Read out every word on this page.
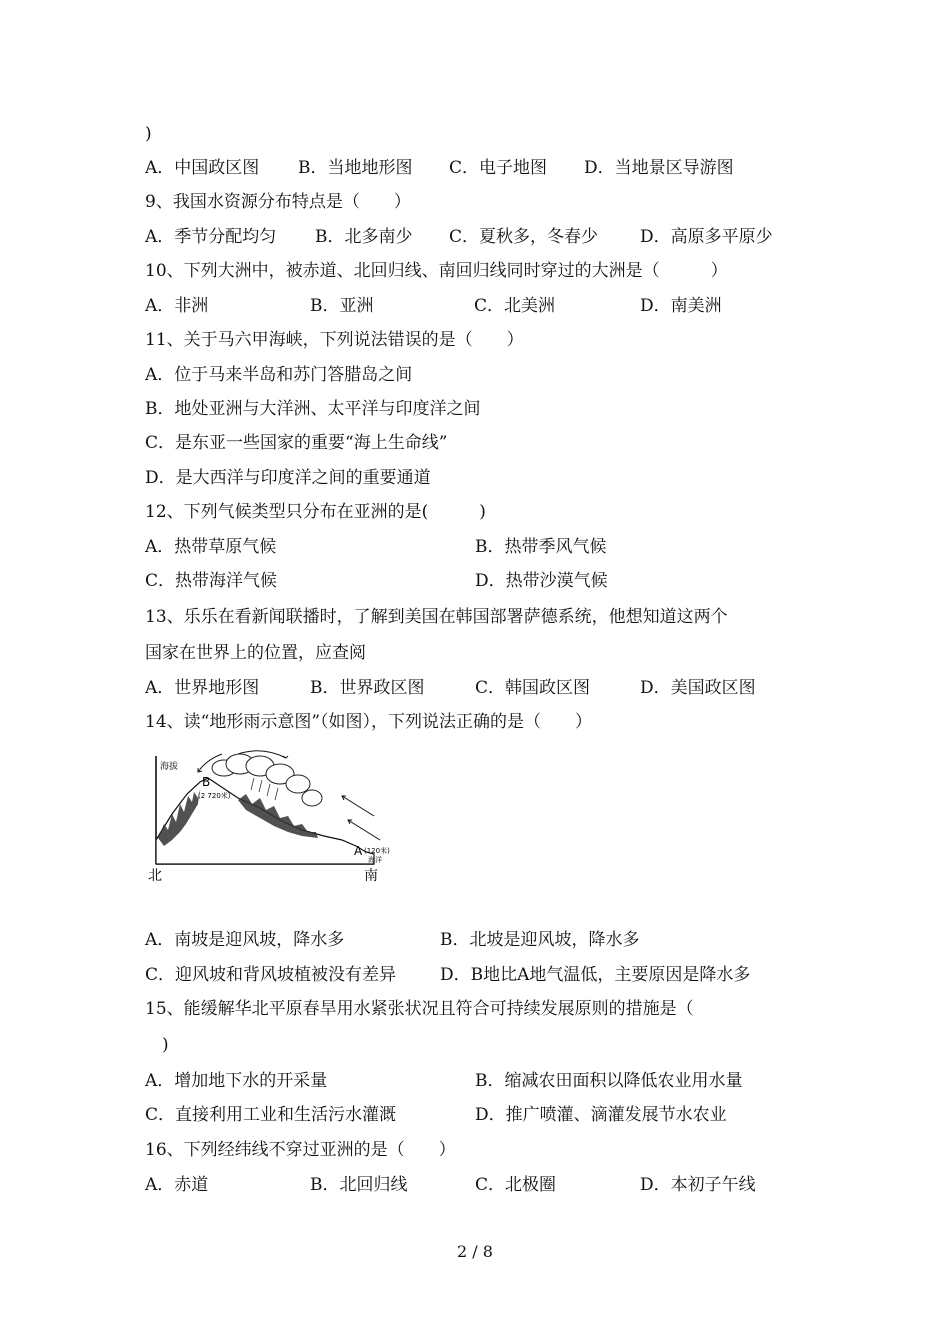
)
A．中国政区图 B．当地地形图 C．电子地图 D．当地景区导游图
9、我国水资源分布特点是（　　）
A．季节分配均匀 B．北多南少 C．夏秋多，冬春少 D．高原多平原少
10、下列大洲中，被赤道、北回归线、南回归线同时穿过的大洲是（　　　）
A．非洲	B．亚洲	C．北美洲	D．南美洲
11、关于马六甲海峡，下列说法错误的是（　　）
A．位于马来半岛和苏门答腊岛之间
B．地处亚洲与大洋洲、太平洋与印度洋之间
C．是东亚一些国家的重要“海上生命线”
D．是大西洋与印度洋之间的重要通道
12、下列气候类型只分布在亚洲的是(　　　)
A．热带草原气候	B．热带季风气候
C．热带海洋气候	D．热带沙漠气候
13、乐乐在看新闻联播时，了解到美国在韩国部署萨德系统，他想知道这两个
国家在世界上的位置，应查阅
A．世界地形图	B．世界政区图	C．韩国政区图	D．美国政区图
14、读“地形雨示意图”（如图），下列说法正确的是（　　）
海拔
B
(2 720米)
A (120米)
海洋
北	南
A．南坡是迎风坡，降水多	B．北坡是迎风坡，降水多
C．迎风坡和背风坡植被没有差异	D．B地比A地气温低，主要原因是降水多
15、能缓解华北平原春旱用水紧张状况且符合可持续发展原则的措施是（
　)
A．增加地下水的开采量	B．缩减农田面积以降低农业用水量
C．直接利用工业和生活污水灌溉	D．推广喷灌、滴灌发展节水农业
16、下列经纬线不穿过亚洲的是（　　）
A．赤道	B．北回归线	C．北极圈	D．本初子午线
2 / 8
